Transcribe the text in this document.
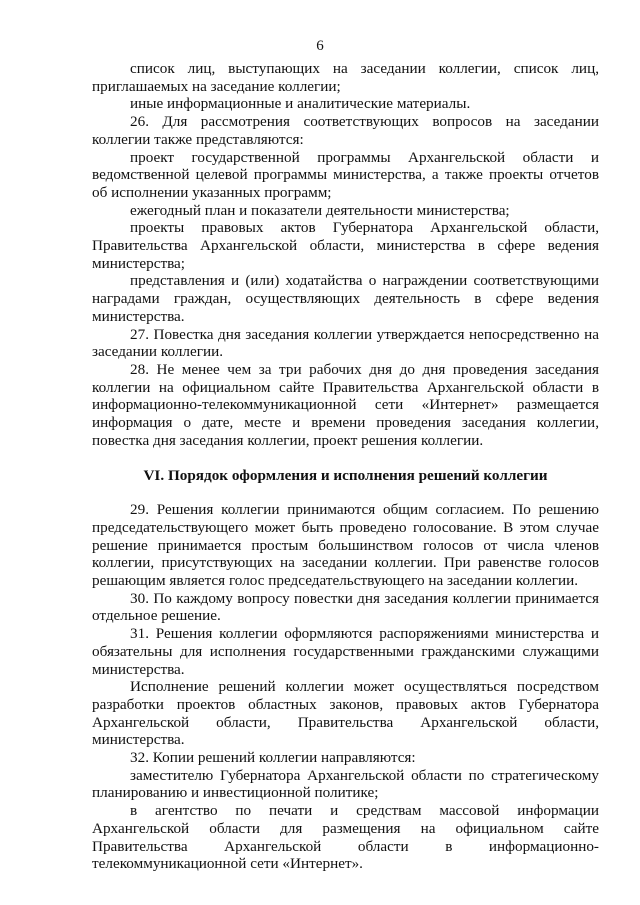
6

список лиц, выступающих на заседании коллегии, список лиц, приглашаемых на заседание коллегии;

иные информационные и аналитические материалы.

26. Для рассмотрения соответствующих вопросов на заседании коллегии также представляются:

проект государственной программы Архангельской области и ведомственной целевой программы министерства, а также проекты отчетов об исполнении указанных программ;

ежегодный план и показатели деятельности министерства;

проекты правовых актов Губернатора Архангельской области, Правительства Архангельской области, министерства в сфере ведения министерства;

представления и (или) ходатайства о награждении соответствующими наградами граждан, осуществляющих деятельность в сфере ведения министерства.

27. Повестка дня заседания коллегии утверждается непосредственно на заседании коллегии.

28. Не менее чем за три рабочих дня до дня проведения заседания коллегии на официальном сайте Правительства Архангельской области в информационно-телекоммуникационной сети «Интернет» размещается информация о дате, месте и времени проведения заседания коллегии, повестка дня заседания коллегии, проект решения коллегии.

VI. Порядок оформления и исполнения решений коллегии

29. Решения коллегии принимаются общим согласием. По решению председательствующего может быть проведено голосование. В этом случае решение принимается простым большинством голосов от числа членов коллегии, присутствующих на заседании коллегии. При равенстве голосов решающим является голос председательствующего на заседании коллегии.

30. По каждому вопросу повестки дня заседания коллегии принимается отдельное решение.

31. Решения коллегии оформляются распоряжениями министерства и обязательны для исполнения государственными гражданскими служащими министерства.

Исполнение решений коллегии может осуществляться посредством разработки проектов областных законов, правовых актов Губернатора Архангельской области, Правительства Архангельской области, министерства.

32. Копии решений коллегии направляются:

заместителю Губернатора Архангельской области по стратегическому планированию и инвестиционной политике;

в агентство по печати и средствам массовой информации Архангельской области для размещения на официальном сайте Правительства Архангельской области в информационно-телекоммуникационной сети «Интернет».
